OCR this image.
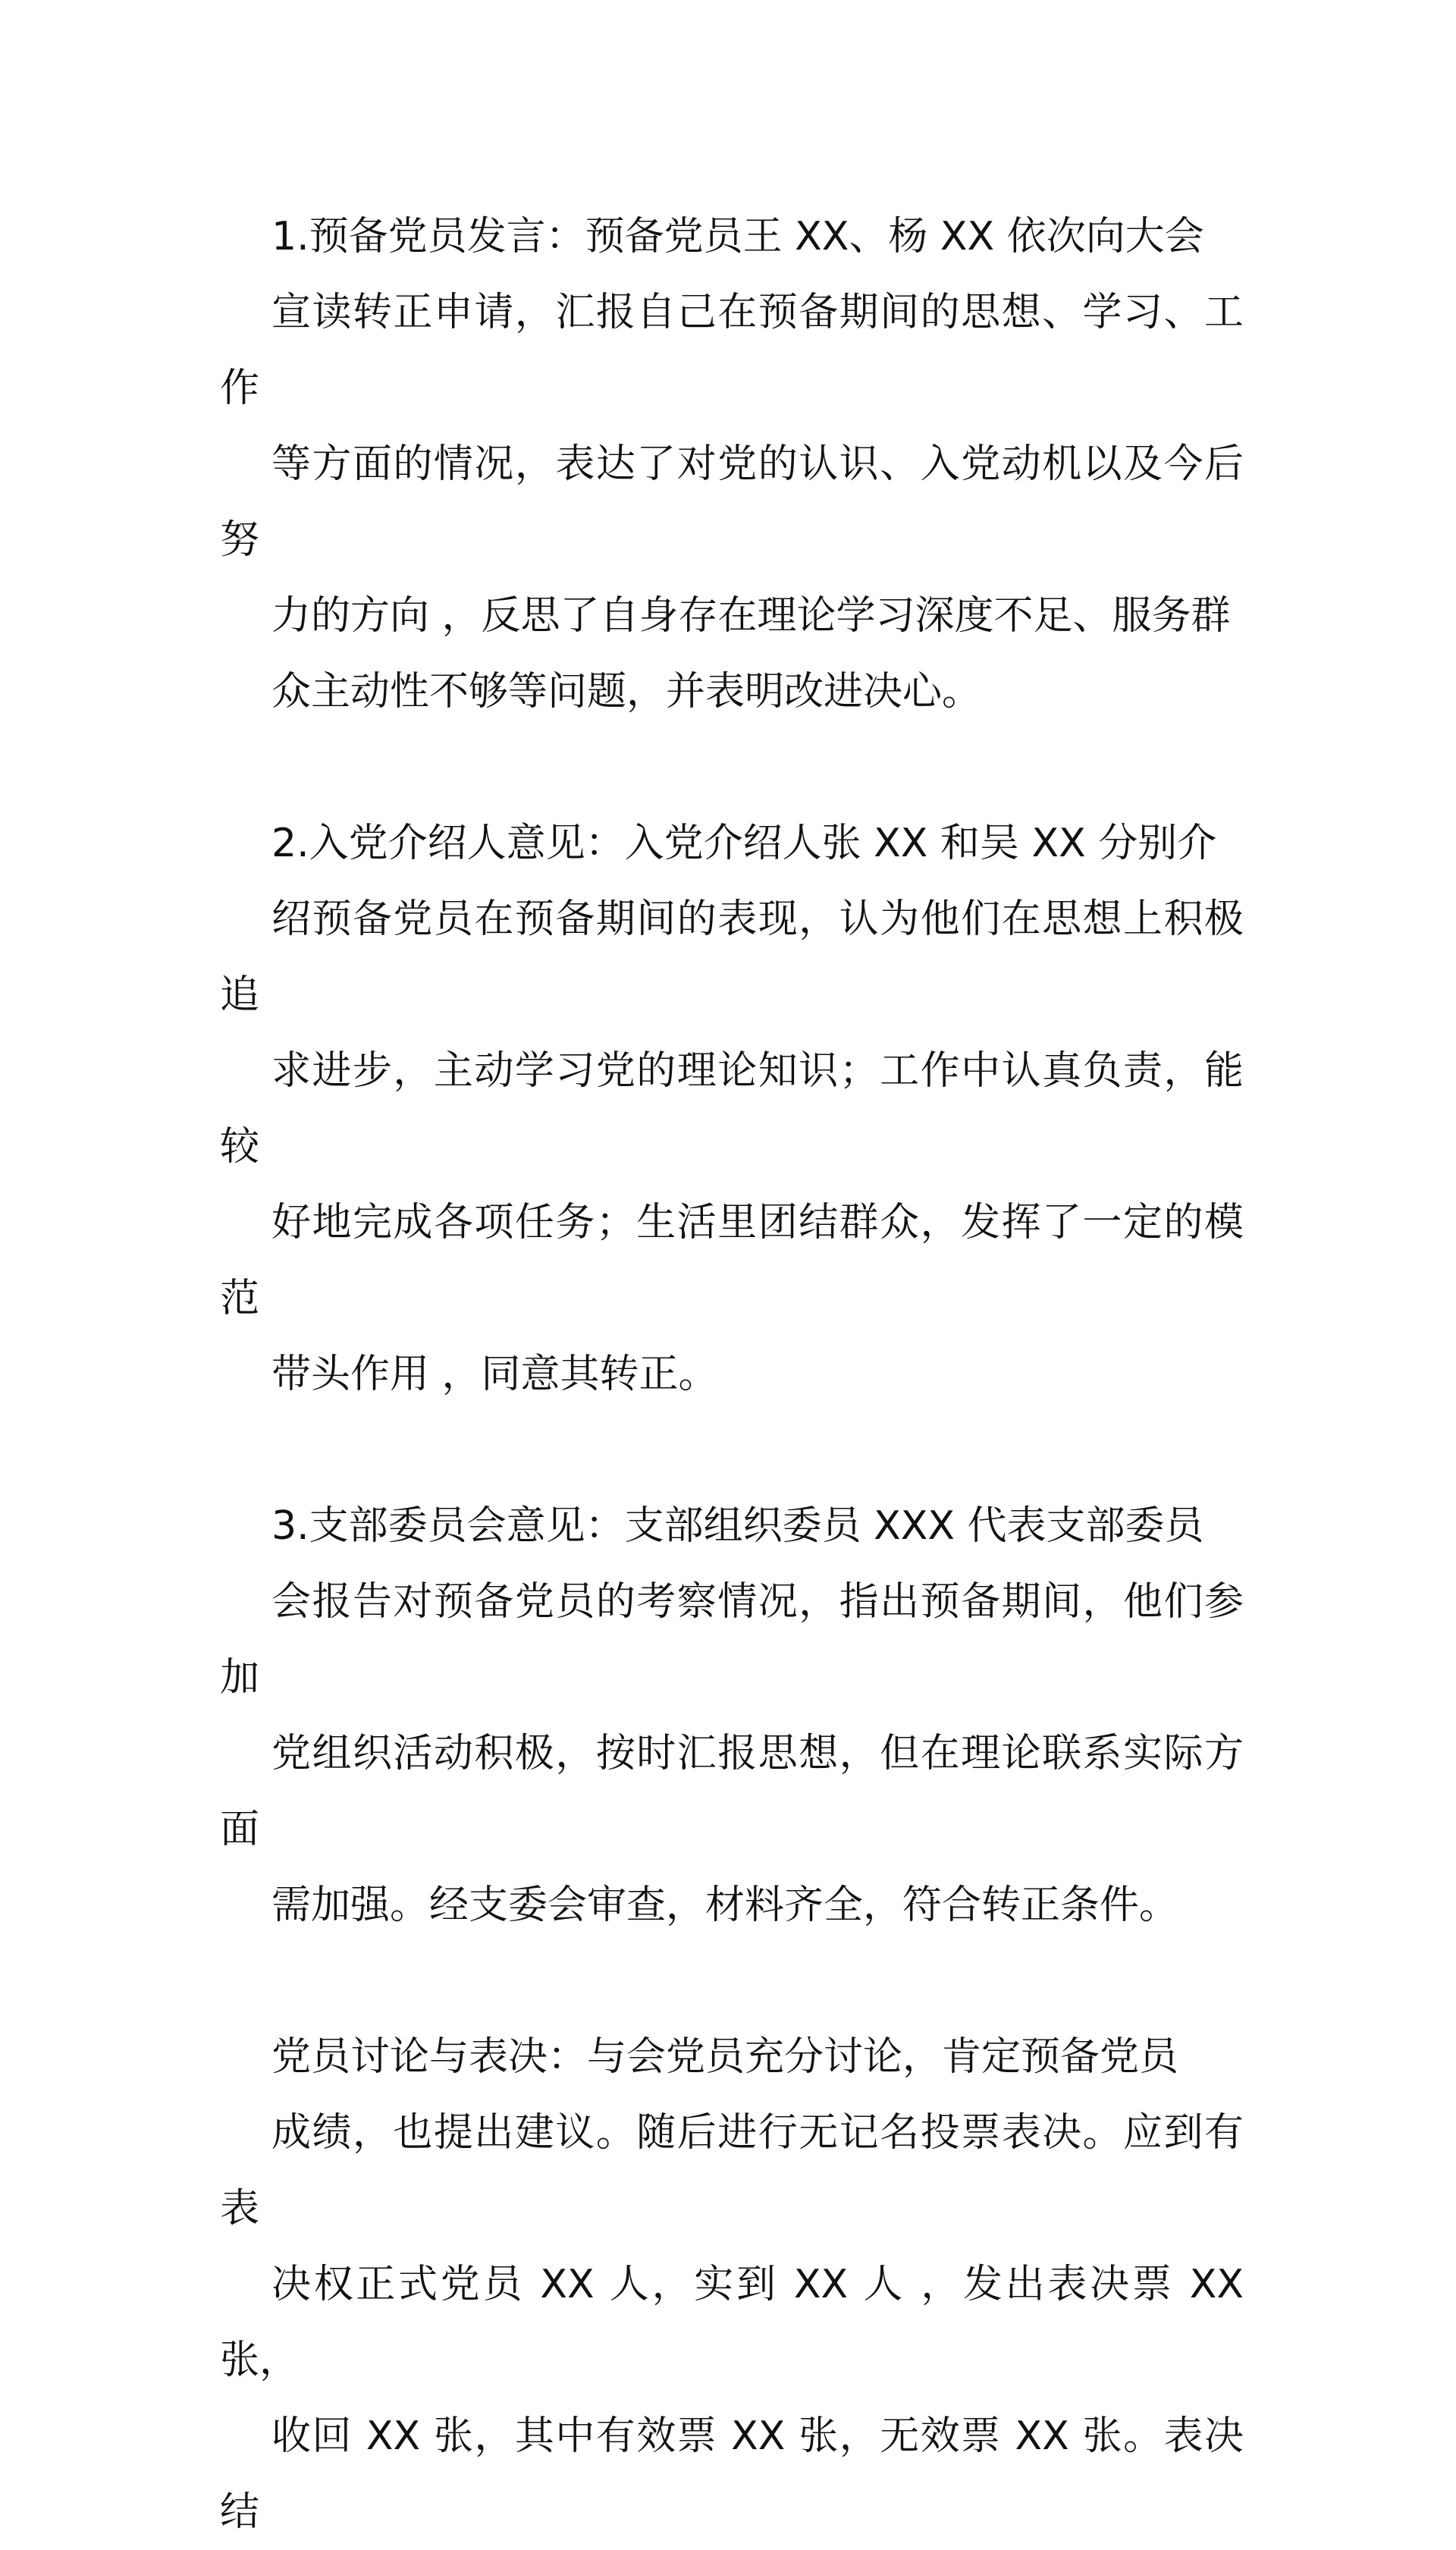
1.预备党员发言：预备党员王 XX、杨 XX 依次向大会
宣读转正申请，汇报自己在预备期间的思想、学习、工作
等方面的情况，表达了对党的认识、入党动机以及今后努
力的方向 ，反思了自身存在理论学习深度不足、服务群
众主动性不够等问题，并表明改进决心。

2.入党介绍人意见：入党介绍人张 XX 和吴 XX 分别介
绍预备党员在预备期间的表现，认为他们在思想上积极追
求进步，主动学习党的理论知识；工作中认真负责，能较
好地完成各项任务；生活里团结群众，发挥了一定的模范
带头作用 ，同意其转正。

3.支部委员会意见：支部组织委员 XXX 代表支部委员
会报告对预备党员的考察情况，指出预备期间，他们参加
党组织活动积极，按时汇报思想，但在理论联系实际方面
需加强。经支委会审查，材料齐全，符合转正条件。

党员讨论与表决：与会党员充分讨论，肯定预备党员
成绩，也提出建议。随后进行无记名投票表决。应到有表
决权正式党员 XX 人，实到 XX 人 ，发出表决票 XX 张，
收回 XX 张，其中有效票 XX 张，无效票 XX 张。表决结
